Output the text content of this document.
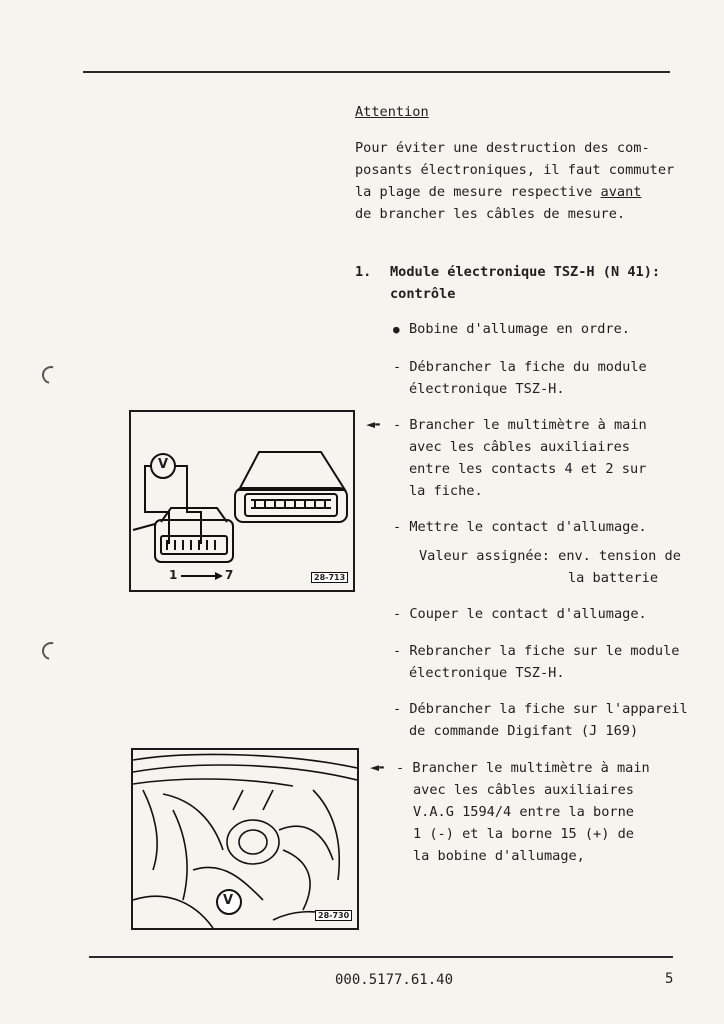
Attention
Pour éviter une destruction des com-
posants électroniques, il faut commuter
la plage de mesure respective avant
de brancher les câbles de mesure.
1. Module électronique TSZ-H (N 41):
contrôle
● Bobine d'allumage en ordre.
- Débrancher la fiche du module
électronique TSZ-H.
◄- - Brancher le multimètre à main
avec les câbles auxiliaires
entre les contacts 4 et 2 sur
la fiche.
- Mettre le contact d'allumage.
Valeur assignée: env. tension de
la batterie
- Couper le contact d'allumage.
- Rebrancher la fiche sur le module
électronique TSZ-H.
- Débrancher la fiche sur l'appareil
de commande Digifant (J 169)
◄- - Brancher le multimètre à main
avec les câbles auxiliaires
V.A.G 1594/4 entre la borne
1 (-) et la borne 15 (+) de
la bobine d'allumage,
V
1	7	28-713
V
28-730
000.5177.61.40	5
